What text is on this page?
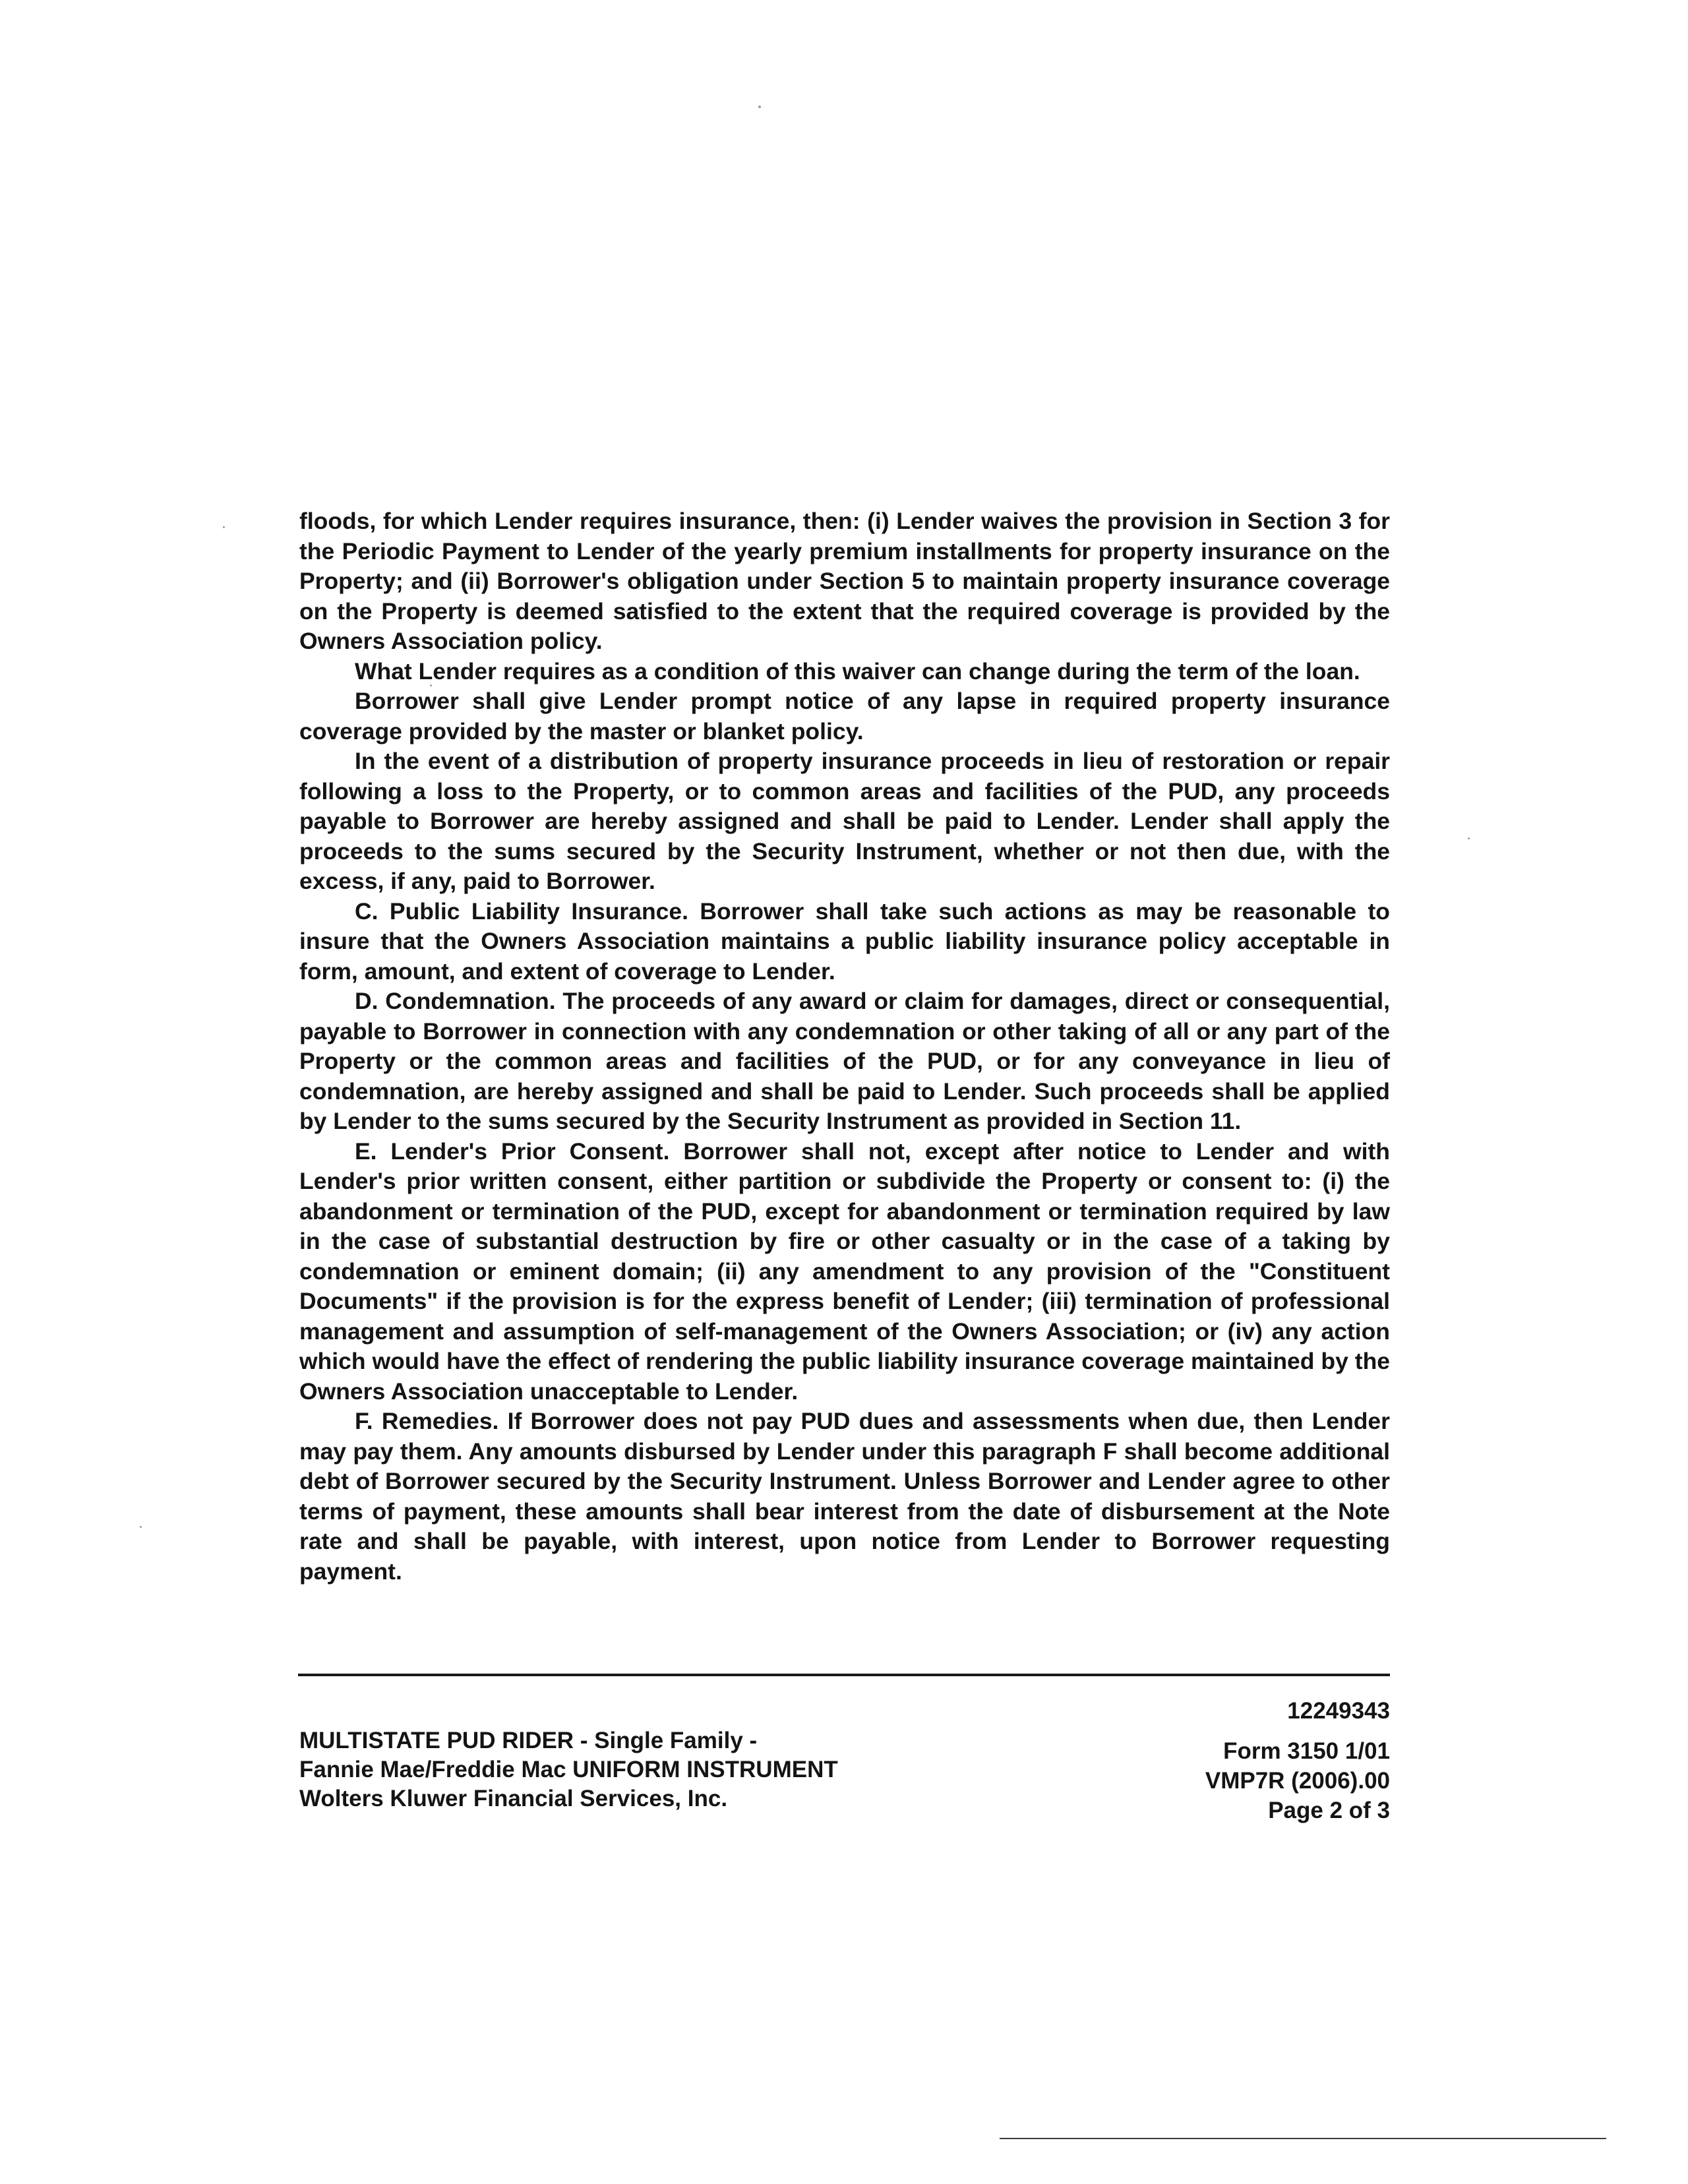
floods, for which Lender requires insurance, then: (i) Lender waives the provision in Section 3 for the Periodic Payment to Lender of the yearly premium installments for property insurance on the Property; and (ii) Borrower's obligation under Section 5 to maintain property insurance coverage on the Property is deemed satisfied to the extent that the required coverage is provided by the Owners Association policy.

What Lender requires as a condition of this waiver can change during the term of the loan.

Borrower shall give Lender prompt notice of any lapse in required property insurance coverage provided by the master or blanket policy.

In the event of a distribution of property insurance proceeds in lieu of restoration or repair following a loss to the Property, or to common areas and facilities of the PUD, any proceeds payable to Borrower are hereby assigned and shall be paid to Lender. Lender shall apply the proceeds to the sums secured by the Security Instrument, whether or not then due, with the excess, if any, paid to Borrower.

C. Public Liability Insurance. Borrower shall take such actions as may be reasonable to insure that the Owners Association maintains a public liability insurance policy acceptable in form, amount, and extent of coverage to Lender.

D. Condemnation. The proceeds of any award or claim for damages, direct or consequential, payable to Borrower in connection with any condemnation or other taking of all or any part of the Property or the common areas and facilities of the PUD, or for any conveyance in lieu of condemnation, are hereby assigned and shall be paid to Lender. Such proceeds shall be applied by Lender to the sums secured by the Security Instrument as provided in Section 11.

E. Lender's Prior Consent. Borrower shall not, except after notice to Lender and with Lender's prior written consent, either partition or subdivide the Property or consent to: (i) the abandonment or termination of the PUD, except for abandonment or termination required by law in the case of substantial destruction by fire or other casualty or in the case of a taking by condemnation or eminent domain; (ii) any amendment to any provision of the "Constituent Documents" if the provision is for the express benefit of Lender; (iii) termination of professional management and assumption of self-management of the Owners Association; or (iv) any action which would have the effect of rendering the public liability insurance coverage maintained by the Owners Association unacceptable to Lender.

F. Remedies. If Borrower does not pay PUD dues and assessments when due, then Lender may pay them. Any amounts disbursed by Lender under this paragraph F shall become additional debt of Borrower secured by the Security Instrument. Unless Borrower and Lender agree to other terms of payment, these amounts shall bear interest from the date of disbursement at the Note rate and shall be payable, with interest, upon notice from Lender to Borrower requesting payment.

MULTISTATE PUD RIDER - Single Family -
Fannie Mae/Freddie Mac UNIFORM INSTRUMENT
Wolters Kluwer Financial Services, Inc.
12249343
Form 3150 1/01
VMP7R (2006).00
Page 2 of 3
